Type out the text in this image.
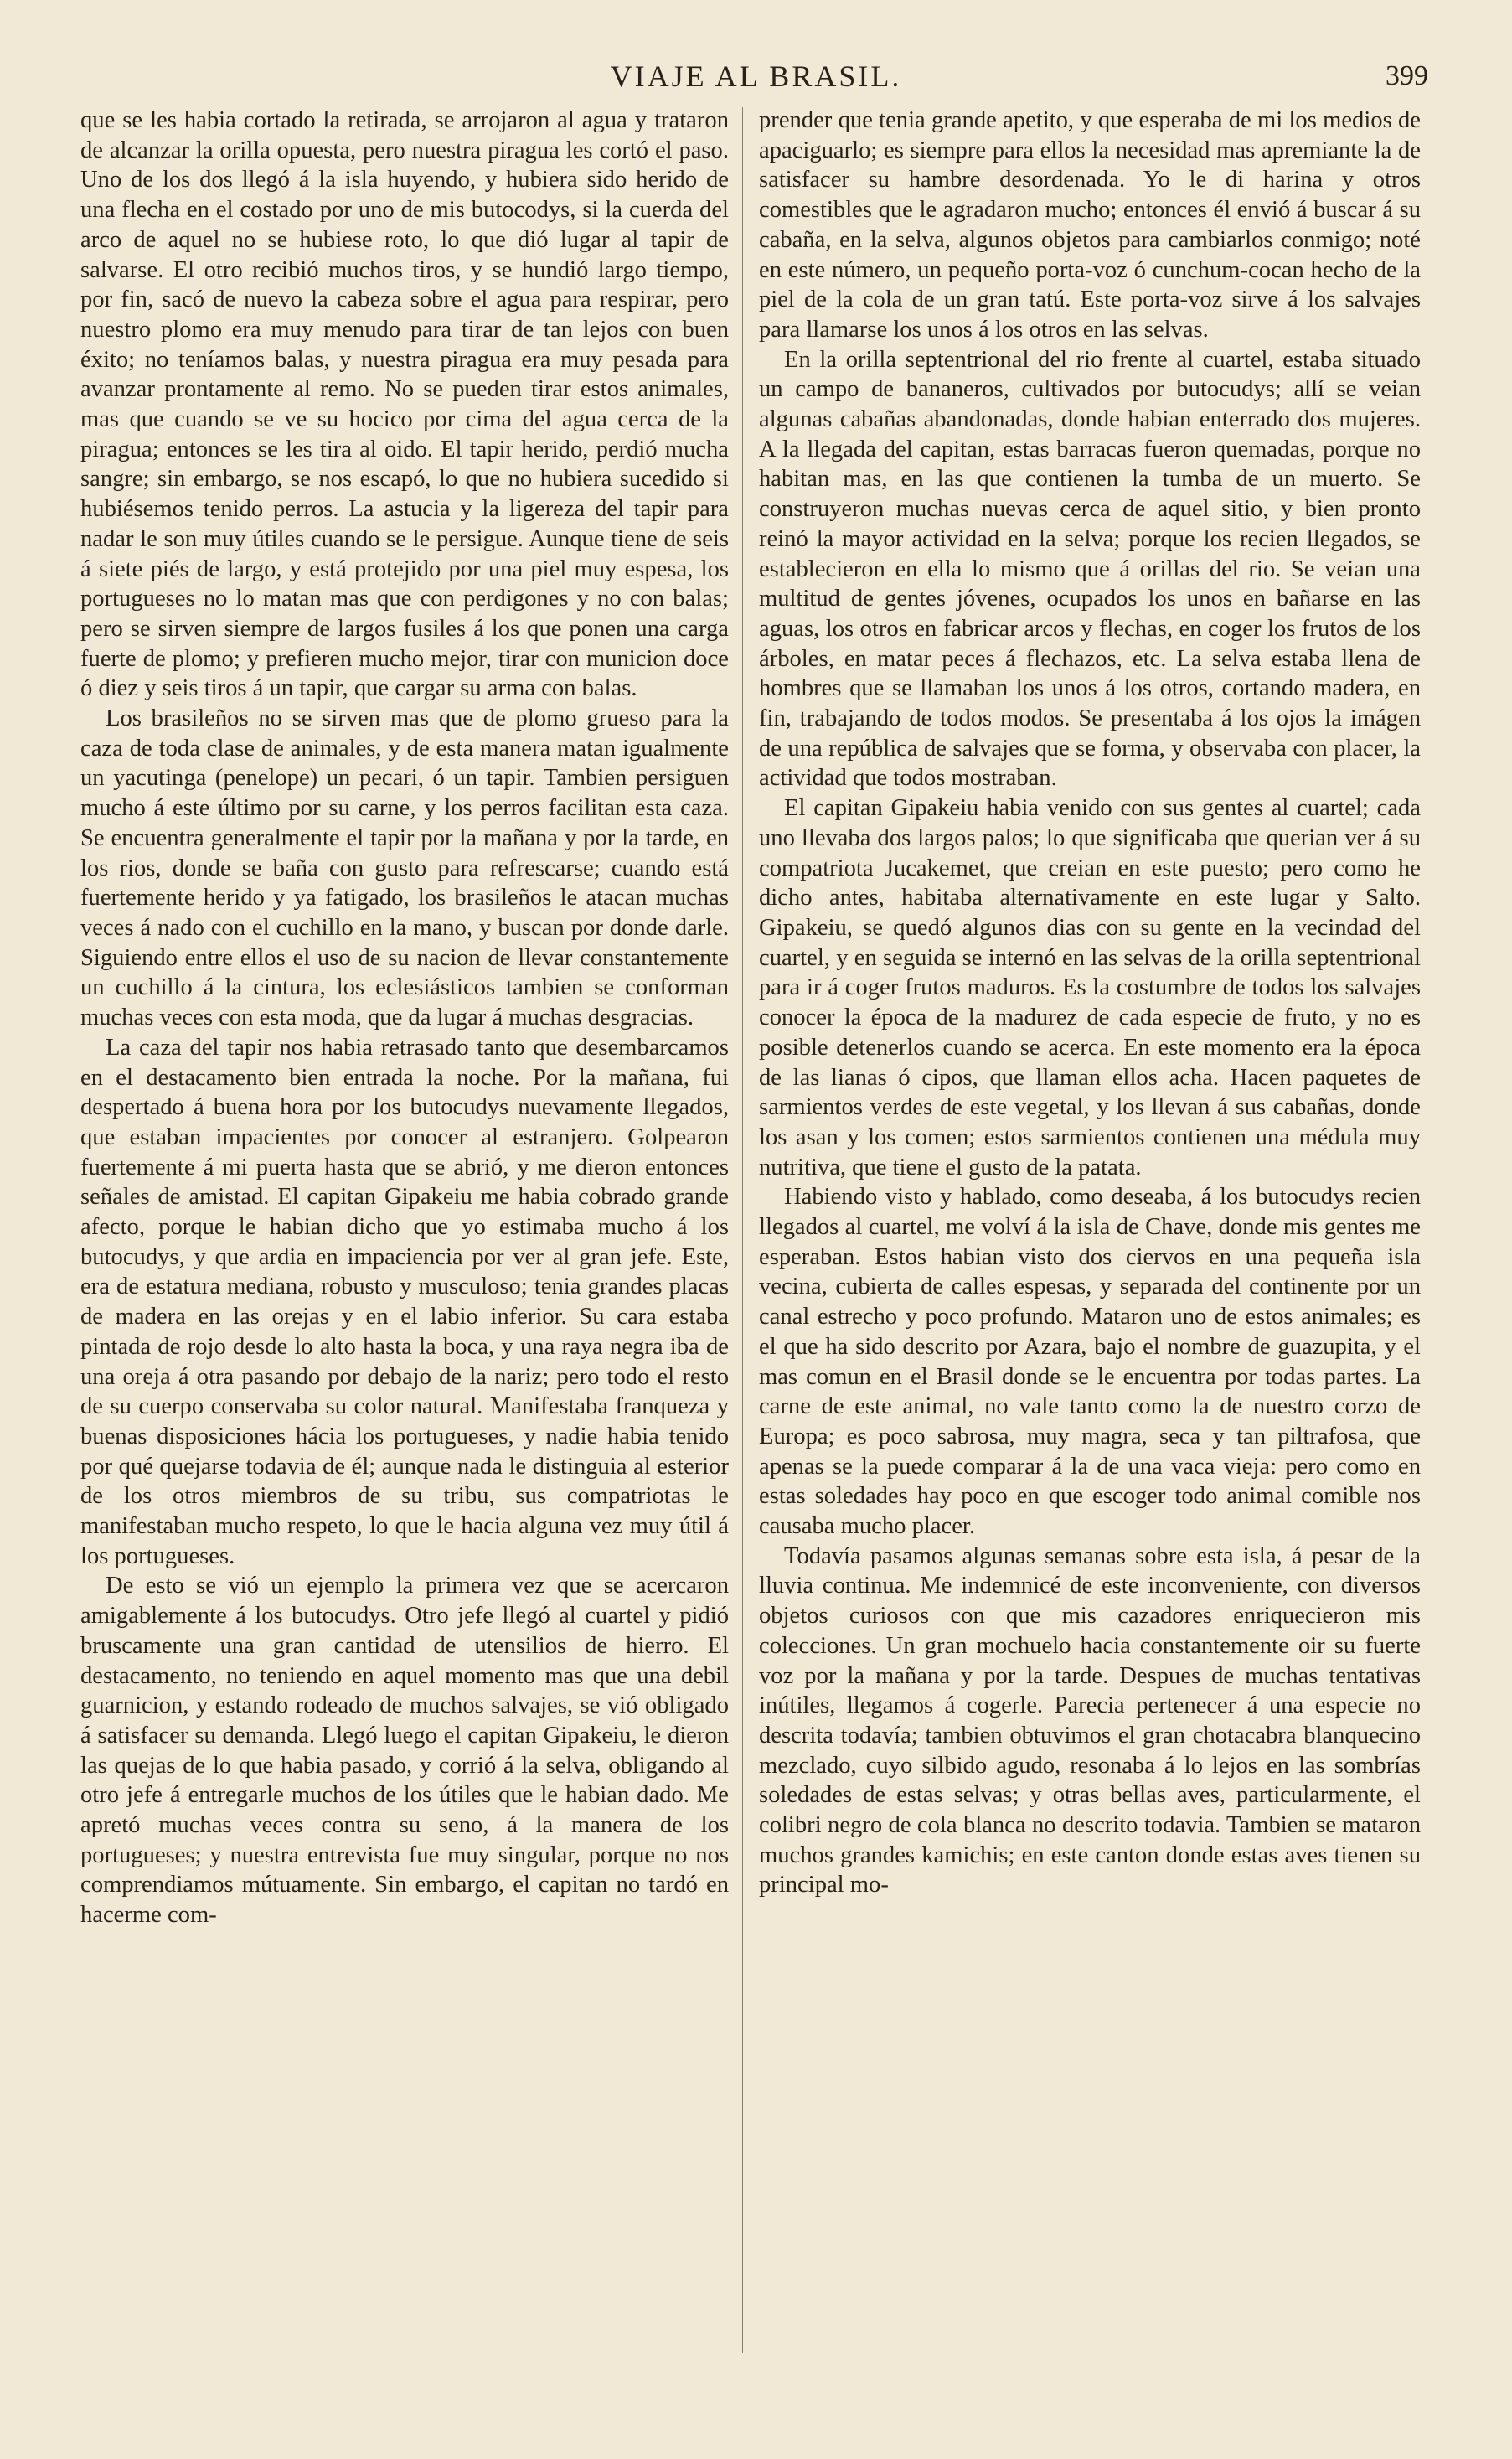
VIAJE AL BRASIL.	399

que se les habia cortado la retirada, se arrojaron al agua y trataron de alcanzar la orilla opuesta, pero nuestra piragua les cortó el paso. Uno de los dos llegó á la isla huyendo, y hubiera sido herido de una flecha en el costado por uno de mis butocodys, si la cuerda del arco de aquel no se hubiese roto, lo que dió lugar al tapir de salvarse. El otro recibió muchos tiros, y se hundió largo tiempo, por fin, sacó de nuevo la cabeza sobre el agua para respirar, pero nuestro plomo era muy menudo para tirar de tan lejos con buen éxito; no teníamos balas, y nuestra piragua era muy pesada para avanzar prontamente al remo. No se pueden tirar estos animales, mas que cuando se ve su hocico por cima del agua cerca de la piragua; entonces se les tira al oido. El tapir herido, perdió mucha sangre; sin embargo, se nos escapó, lo que no hubiera sucedido si hubiésemos tenido perros. La astucia y la ligereza del tapir para nadar le son muy útiles cuando se le persigue. Aunque tiene de seis á siete piés de largo, y está protejido por una piel muy espesa, los portugueses no lo matan mas que con perdigones y no con balas; pero se sirven siempre de largos fusiles á los que ponen una carga fuerte de plomo; y prefieren mucho mejor, tirar con municion doce ó diez y seis tiros á un tapir, que cargar su arma con balas.

Los brasileños no se sirven mas que de plomo grueso para la caza de toda clase de animales, y de esta manera matan igualmente un yacutinga (penelope) un pecari, ó un tapir. Tambien persiguen mucho á este último por su carne, y los perros facilitan esta caza. Se encuentra generalmente el tapir por la mañana y por la tarde, en los rios, donde se baña con gusto para refrescarse; cuando está fuertemente herido y ya fatigado, los brasileños le atacan muchas veces á nado con el cuchillo en la mano, y buscan por donde darle. Siguiendo entre ellos el uso de su nacion de llevar constantemente un cuchillo á la cintura, los eclesiásticos tambien se conforman muchas veces con esta moda, que da lugar á muchas desgracias.

La caza del tapir nos habia retrasado tanto que desembarcamos en el destacamento bien entrada la noche. Por la mañana, fui despertado á buena hora por los butocudys nuevamente llegados, que estaban impacientes por conocer al estranjero. Golpearon fuertemente á mi puerta hasta que se abrió, y me dieron entonces señales de amistad. El capitan Gipakeiu me habia cobrado grande afecto, porque le habian dicho que yo estimaba mucho á los butocudys, y que ardia en impaciencia por ver al gran jefe. Este, era de estatura mediana, robusto y musculoso; tenia grandes placas de madera en las orejas y en el labio inferior. Su cara estaba pintada de rojo desde lo alto hasta la boca, y una raya negra iba de una oreja á otra pasando por debajo de la nariz; pero todo el resto de su cuerpo conservaba su color natural. Manifestaba franqueza y buenas disposiciones hácia los portugueses, y nadie habia tenido por qué quejarse todavia de él; aunque nada le distinguia al esterior de los otros miembros de su tribu, sus compatriotas le manifestaban mucho respeto, lo que le hacia alguna vez muy útil á los portugueses.

De esto se vió un ejemplo la primera vez que se acercaron amigablemente á los butocudys. Otro jefe llegó al cuartel y pidió bruscamente una gran cantidad de utensilios de hierro. El destacamento, no teniendo en aquel momento mas que una debil guarnicion, y estando rodeado de muchos salvajes, se vió obligado á satisfacer su demanda. Llegó luego el capitan Gipakeiu, le dieron las quejas de lo que habia pasado, y corrió á la selva, obligando al otro jefe á entregarle muchos de los útiles que le habian dado. Me apretó muchas veces contra su seno, á la manera de los portugueses; y nuestra entrevista fue muy singular, porque no nos comprendiamos mútuamente. Sin embargo, el capitan no tardó en hacerme com-

prender que tenia grande apetito, y que esperaba de mi los medios de apaciguarlo; es siempre para ellos la necesidad mas apremiante la de satisfacer su hambre desordenada. Yo le di harina y otros comestibles que le agradaron mucho; entonces él envió á buscar á su cabaña, en la selva, algunos objetos para cambiarlos conmigo; noté en este número, un pequeño porta-voz ó cunchum-cocan hecho de la piel de la cola de un gran tatú. Este porta-voz sirve á los salvajes para llamarse los unos á los otros en las selvas.

En la orilla septentrional del rio frente al cuartel, estaba situado un campo de bananeros, cultivados por butocudys; allí se veian algunas cabañas abandonadas, donde habian enterrado dos mujeres. A la llegada del capitan, estas barracas fueron quemadas, porque no habitan mas, en las que contienen la tumba de un muerto. Se construyeron muchas nuevas cerca de aquel sitio, y bien pronto reinó la mayor actividad en la selva; porque los recien llegados, se establecieron en ella lo mismo que á orillas del rio. Se veian una multitud de gentes jóvenes, ocupados los unos en bañarse en las aguas, los otros en fabricar arcos y flechas, en coger los frutos de los árboles, en matar peces á flechazos, etc. La selva estaba llena de hombres que se llamaban los unos á los otros, cortando madera, en fin, trabajando de todos modos. Se presentaba á los ojos la imágen de una república de salvajes que se forma, y observaba con placer, la actividad que todos mostraban.

El capitan Gipakeiu habia venido con sus gentes al cuartel; cada uno llevaba dos largos palos; lo que significaba que querian ver á su compatriota Jucakemet, que creian en este puesto; pero como he dicho antes, habitaba alternativamente en este lugar y Salto. Gipakeiu, se quedó algunos dias con su gente en la vecindad del cuartel, y en seguida se internó en las selvas de la orilla septentrional para ir á coger frutos maduros. Es la costumbre de todos los salvajes conocer la época de la madurez de cada especie de fruto, y no es posible detenerlos cuando se acerca. En este momento era la época de las lianas ó cipos, que llaman ellos acha. Hacen paquetes de sarmientos verdes de este vegetal, y los llevan á sus cabañas, donde los asan y los comen; estos sarmientos contienen una médula muy nutritiva, que tiene el gusto de la patata.

Habiendo visto y hablado, como deseaba, á los butocudys recien llegados al cuartel, me volví á la isla de Chave, donde mis gentes me esperaban. Estos habian visto dos ciervos en una pequeña isla vecina, cubierta de calles espesas, y separada del continente por un canal estrecho y poco profundo. Mataron uno de estos animales; es el que ha sido descrito por Azara, bajo el nombre de guazupita, y el mas comun en el Brasil donde se le encuentra por todas partes. La carne de este animal, no vale tanto como la de nuestro corzo de Europa; es poco sabrosa, muy magra, seca y tan piltrafosa, que apenas se la puede comparar á la de una vaca vieja: pero como en estas soledades hay poco en que escoger todo animal comible nos causaba mucho placer.

Todavía pasamos algunas semanas sobre esta isla, á pesar de la lluvia continua. Me indemnicé de este inconveniente, con diversos objetos curiosos con que mis cazadores enriquecieron mis colecciones. Un gran mochuelo hacia constantemente oir su fuerte voz por la mañana y por la tarde. Despues de muchas tentativas inútiles, llegamos á cogerle. Parecia pertenecer á una especie no descrita todavía; tambien obtuvimos el gran chotacabra blanquecino mezclado, cuyo silbido agudo, resonaba á lo lejos en las sombrías soledades de estas selvas; y otras bellas aves, particularmente, el colibri negro de cola blanca no descrito todavia. Tambien se mataron muchos grandes kamichis; en este canton donde estas aves tienen su principal mo-
